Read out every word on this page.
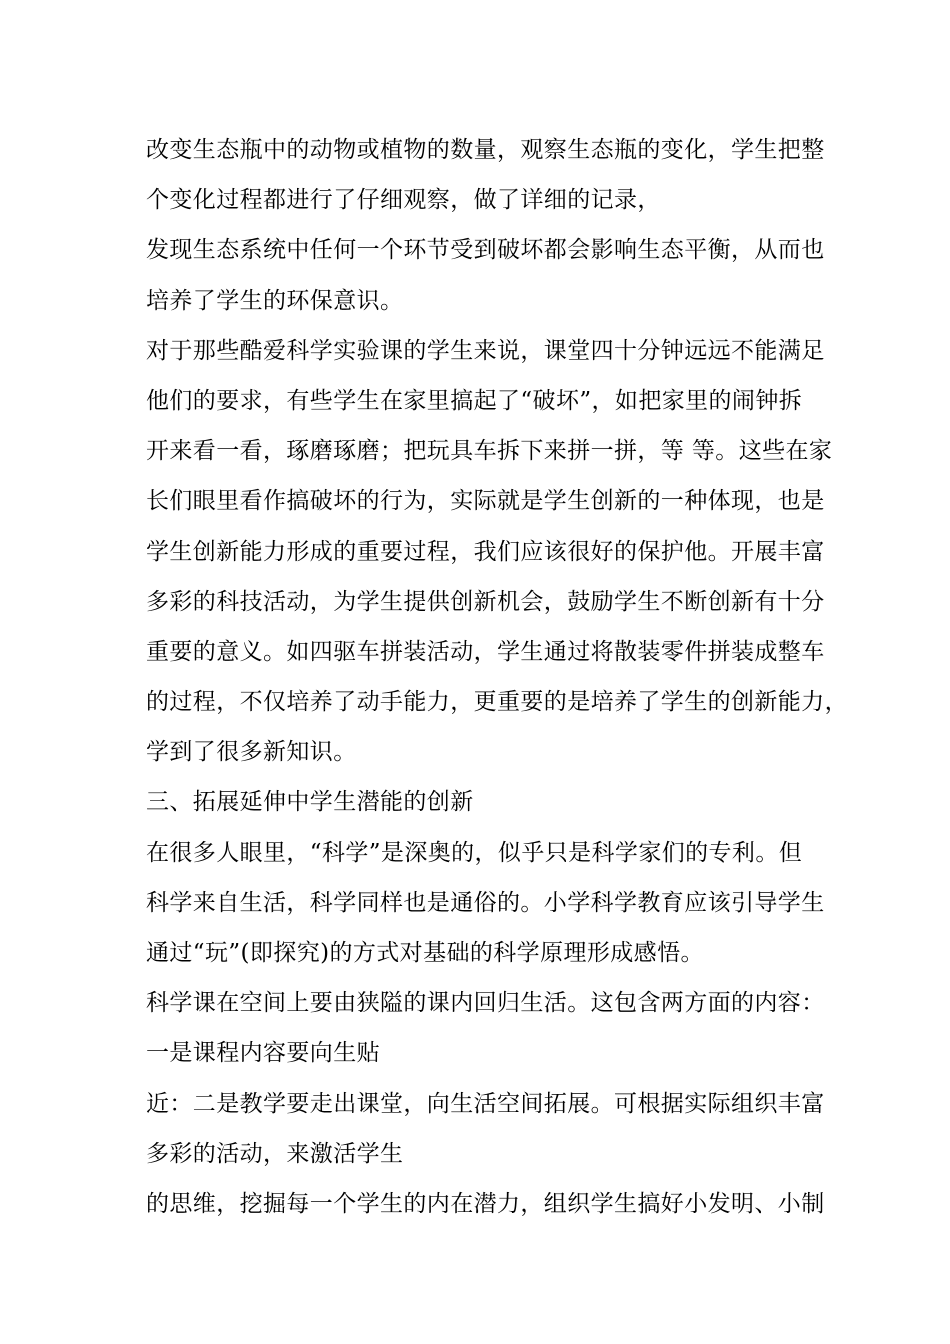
改变生态瓶中的动物或植物的数量，观察生态瓶的变化，学生把整
个变化过程都进行了仔细观察，做了详细的记录，
发现生态系统中任何一个环节受到破坏都会影响生态平衡，从而也
培养了学生的环保意识。
对于那些酷爱科学实验课的学生来说，课堂四十分钟远远不能满足
他们的要求，有些学生在家里搞起了“破坏”，如把家里的闹钟拆
开来看一看，琢磨琢磨；把玩具车拆下来拼一拼，等 等。这些在家
长们眼里看作搞破坏的行为，实际就是学生创新的一种体现，也是
学生创新能力形成的重要过程，我们应该很好的保护他。开展丰富
多彩的科技活动，为学生提供创新机会，鼓励学生不断创新有十分
重要的意义。如四驱车拼装活动，学生通过将散装零件拼装成整车
的过程，不仅培养了动手能力，更重要的是培养了学生的创新能力，
学到了很多新知识。
三、拓展延伸中学生潜能的创新
在很多人眼里，“科学”是深奥的，似乎只是科学家们的专利。但
科学来自生活，科学同样也是通俗的。小学科学教育应该引导学生
通过“玩”(即探究)的方式对基础的科学原理形成感悟。
科学课在空间上要由狭隘的课内回归生活。这包含两方面的内容：
一是课程内容要向生贴
近：二是教学要走出课堂，向生活空间拓展。可根据实际组织丰富
多彩的活动，来激活学生
的思维，挖掘每一个学生的内在潜力，组织学生搞好小发明、小制
